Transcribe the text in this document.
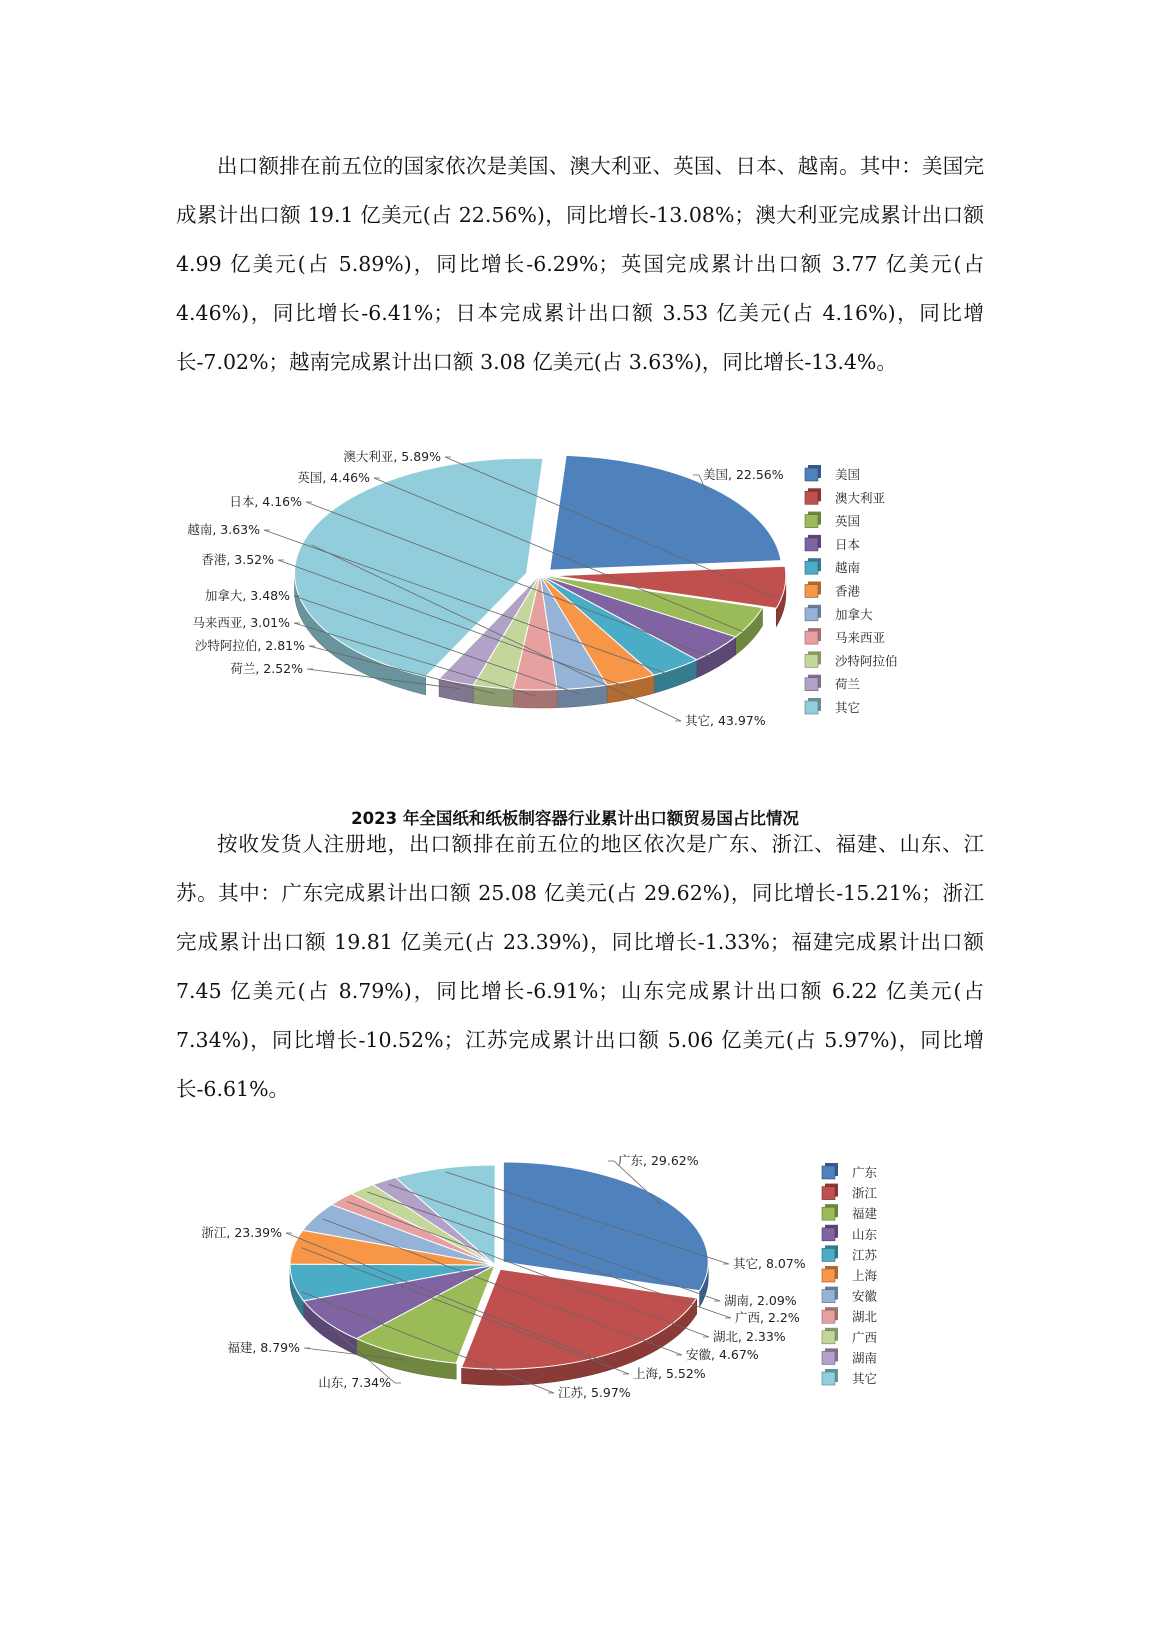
出口额排在前五位的国家依次是美国、澳大利亚、英国、日本、越南。其中：美国完成累计出口额 19.1 亿美元(占 22.56%)，同比增长-13.08%；澳大利亚完成累计出口额 4.99 亿美元(占 5.89%)，同比增长-6.29%；英国完成累计出口额 3.77 亿美元(占 4.46%)，同比增长-6.41%；日本完成累计出口额 3.53 亿美元(占 4.16%)，同比增长-7.02%；越南完成累计出口额 3.08 亿美元(占 3.63%)，同比增长-13.4%。

美国, 22.56%
澳大利亚, 5.89%
英国, 4.46%
日本, 4.16%
越南, 3.63%
香港, 3.52%
加拿大, 3.48%
马来西亚, 3.01%
沙特阿拉伯, 2.81%
荷兰, 2.52%
其它, 43.97%
美国
澳大利亚
英国
日本
越南
香港
加拿大
马来西亚
沙特阿拉伯
荷兰
其它
2023 年全国纸和纸板制容器行业累计出口额贸易国占比情况

按收发货人注册地，出口额排在前五位的地区依次是广东、浙江、福建、山东、江苏。其中：广东完成累计出口额 25.08 亿美元(占 29.62%)，同比增长-15.21%；浙江完成累计出口额 19.81 亿美元(占 23.39%)，同比增长-1.33%；福建完成累计出口额 7.45 亿美元(占 8.79%)，同比增长-6.91%；山东完成累计出口额 6.22 亿美元(占 7.34%)，同比增长-10.52%；江苏完成累计出口额 5.06 亿美元(占 5.97%)，同比增长-6.61%。

广东, 29.62%
浙江, 23.39%
福建, 8.79%
山东, 7.34%
江苏, 5.97%
上海, 5.52%
安徽, 4.67%
湖北, 2.33%
广西, 2.2%
湖南, 2.09%
其它, 8.07%
广东
浙江
福建
山东
江苏
上海
安徽
湖北
广西
湖南
其它
